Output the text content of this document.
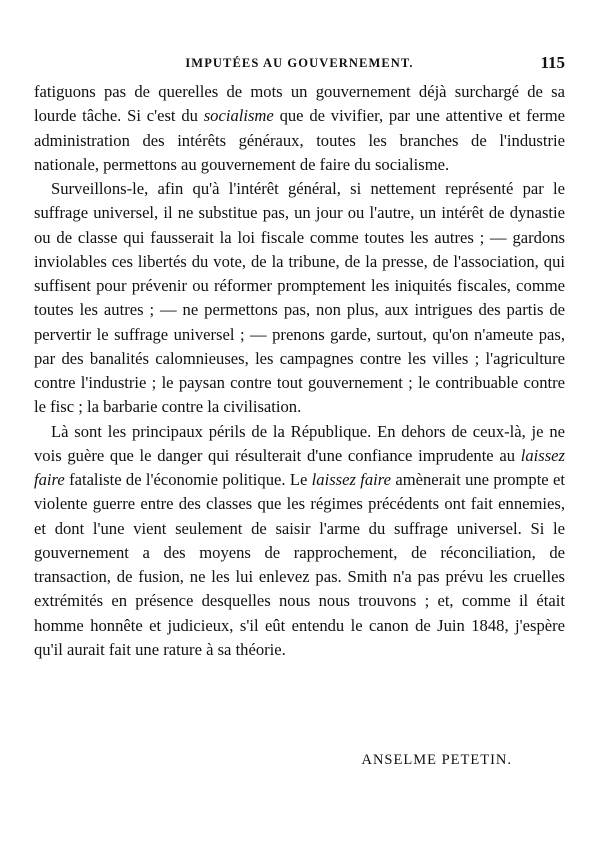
IMPUTÉES AU GOUVERNEMENT.	115

fatiguons pas de querelles de mots un gouvernement déjà surchargé de sa lourde tâche. Si c'est du socialisme que de vivifier, par une attentive et ferme administration des intérêts généraux, toutes les branches de l'industrie nationale, permettons au gouvernement de faire du socialisme.

Surveillons-le, afin qu'à l'intérêt général, si nettement représenté par le suffrage universel, il ne substitue pas, un jour ou l'autre, un intérêt de dynastie ou de classe qui fausserait la loi fiscale comme toutes les autres ; — gardons inviolables ces libertés du vote, de la tribune, de la presse, de l'association, qui suffisent pour prévenir ou réformer promptement les iniquités fiscales, comme toutes les autres ; — ne permettons pas, non plus, aux intrigues des partis de pervertir le suffrage universel ; — prenons garde, surtout, qu'on n'ameute pas, par des banalités calomnieuses, les campagnes contre les villes ; l'agriculture contre l'industrie ; le paysan contre tout gouvernement ; le contribuable contre le fisc ; la barbarie contre la civilisation.

Là sont les principaux périls de la République. En dehors de ceux-là, je ne vois guère que le danger qui résulterait d'une confiance imprudente au laissez faire fataliste de l'économie politique. Le laissez faire amènerait une prompte et violente guerre entre des classes que les régimes précédents ont fait ennemies, et dont l'une vient seulement de saisir l'arme du suffrage universel. Si le gouvernement a des moyens de rapprochement, de réconciliation, de transaction, de fusion, ne les lui enlevez pas. Smith n'a pas prévu les cruelles extrémités en présence desquelles nous nous trouvons ; et, comme il était homme honnête et judicieux, s'il eût entendu le canon de Juin 1848, j'espère qu'il aurait fait une rature à sa théorie.

ANSELME PETETIN.
